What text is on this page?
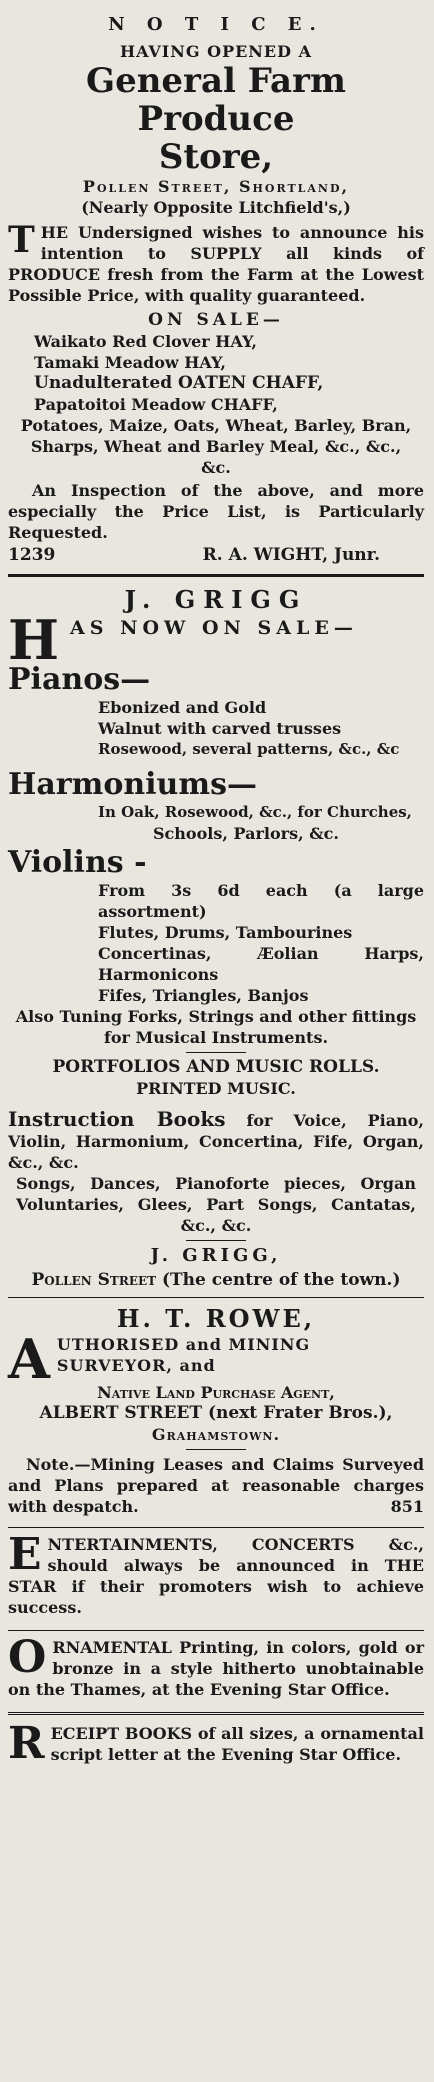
N O T I C E.

HAVING OPENED A

General Farm Produce

Store,

Pollen Street, Shortland,

(Nearly Opposite Litchfield's,)

THE Undersigned wishes to announce his intention to SUPPLY all kinds of PRODUCE fresh from the Farm at the Lowest Possible Price, with quality guaranteed.

ON SALE—

Waikato Red Clover HAY,

Tamaki Meadow HAY,

Unadulterated OATEN CHAFF,

Papatoitoi Meadow CHAFF,

Potatoes, Maize, Oats, Wheat, Barley, Bran, Sharps, Wheat and Barley Meal, &c., &c., &c.

An Inspection of the above, and more especially the Price List, is Particularly Requested.

1239	R. A. WIGHT, Junr.

J. GRIGG

HAS NOW ON SALE—

Pianos—

Ebonized and Gold

Walnut with carved trusses

Rosewood, several patterns, &c., &c

Harmoniums—

In Oak, Rosewood, &c., for Churches,

Schools, Parlors, &c.

Violins -

From 3s 6d each (a large assortment)

Flutes, Drums, Tambourines

Concertinas, Æolian Harps, Harmonicons

Fifes, Triangles, Banjos

Also Tuning Forks, Strings and other fittings for Musical Instruments.

PORTFOLIOS AND MUSIC ROLLS.

PRINTED MUSIC.

Instruction Books for Voice, Piano, Violin, Harmonium, Concertina, Fife, Organ, &c., &c.

Songs, Dances, Pianoforte pieces, Organ Voluntaries, Glees, Part Songs, Cantatas, &c., &c.

J. GRIGG,

Pollen Street (The centre of the town.)

H. T. ROWE,

AUTHORISED and MINING SURVEYOR, and

Native Land Purchase Agent,

ALBERT STREET (next Frater Bros.),

Grahamstown.

Note.—Mining Leases and Claims Surveyed and Plans prepared at reasonable charges with despatch.	851

ENTERTAINMENTS, CONCERTS &c., should always be announced in THE STAR if their promoters wish to achieve success.

ORNAMENTAL Printing, in colors, gold or bronze in a style hitherto unobtainable on the Thames, at the Evening Star Office.

RECEIPT BOOKS of all sizes, a ornamental script letter at the Evening Star Office.
